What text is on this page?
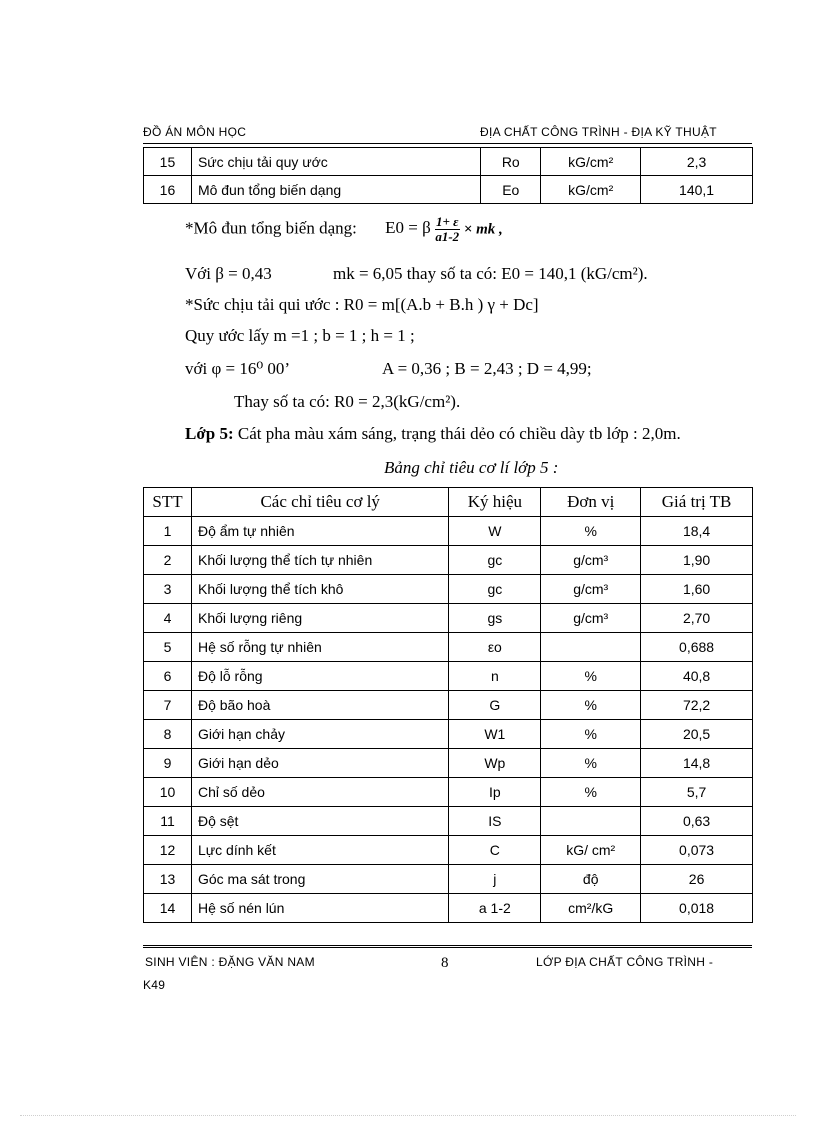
ĐỒ ÁN MÔN HỌC	ĐỊA CHẤT CÔNG TRÌNH - ĐỊA KỸ THUẬT
15	Sức chịu tải quy ước	Ro	kG/cm²	2,3
16	Mô đun tổng biến dạng	Eo	kG/cm²	140,1
*Mô đun tổng biến dạng: E0 = β $\frac{1+ \varepsilon}{a1-2}$ × mk ,
Với β = 0,43	mk = 6,05 thay số ta có: E0 = 140,1 (kG/cm²).
*Sức chịu tải qui ước : R0 = m[(A.b + B.h ) γ + Dc]
Quy ước lấy m =1 ; b = 1 ; h = 1 ;
với φ = 16⁰ 00’	A = 0,36 ; B = 2,43 ; D = 4,99;
Thay số ta có: R0 = 2,3(kG/cm²).
Lớp 5: Cát pha màu xám sáng, trạng thái dẻo có chiều dày tb lớp : 2,0m.
Bảng chỉ tiêu cơ lí lớp 5 :
STT	Các chỉ tiêu cơ lý	Ký hiệu	Đơn vị	Giá trị TB
1	Độ ẩm tự nhiên	W	%	18,4
2	Khối lượng thể tích tự nhiên	gc	g/cm³	1,90
3	Khối lượng thể tích khô	gc	g/cm³	1,60
4	Khối lượng riêng	gs	g/cm³	2,70
5	Hệ số rỗng tự nhiên	εo		0,688
6	Độ lỗ rỗng	n	%	40,8
7	Độ bão hoà	G	%	72,2
8	Giới hạn chảy	W1	%	20,5
9	Giới hạn dẻo	Wp	%	14,8
10	Chỉ số dẻo	Ip	%	5,7
11	Độ sệt	IS		0,63
12	Lực dính kết	C	kG/ cm²	0,073
13	Góc ma sát trong	j	độ	26
14	Hệ số nén lún	a 1-2	cm²/kG	0,018
SINH VIÊN : ĐẶNG VĂN NAM	8	LỚP ĐỊA CHẤT CÔNG TRÌNH -
K49
